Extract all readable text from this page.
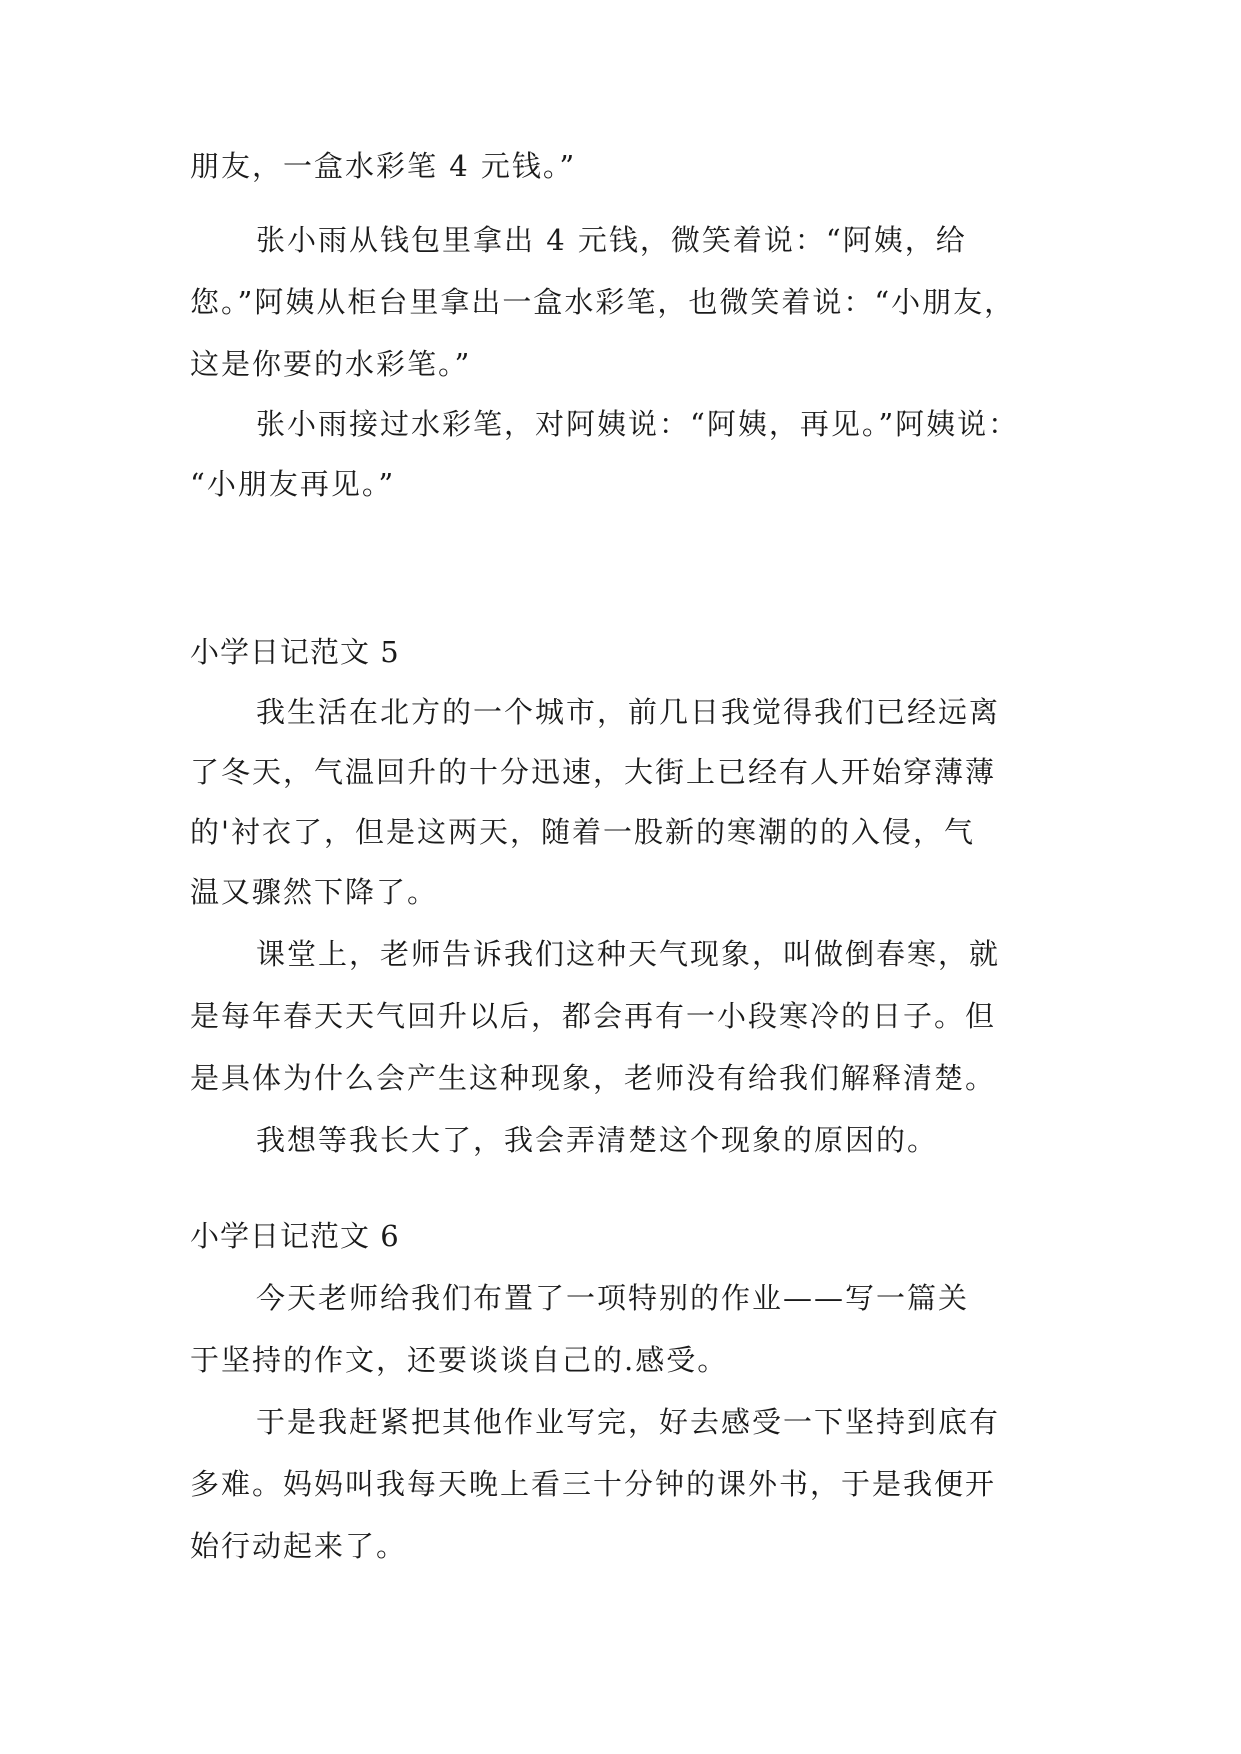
朋友，一盒水彩笔 4 元钱。”
张小雨从钱包里拿出 4 元钱，微笑着说：“阿姨，给
您。”阿姨从柜台里拿出一盒水彩笔，也微笑着说：“小朋友，
这是你要的水彩笔。”
张小雨接过水彩笔，对阿姨说：“阿姨，再见。”阿姨说：
“小朋友再见。”
小学日记范文 5
我生活在北方的一个城市，前几日我觉得我们已经远离
了冬天，气温回升的十分迅速，大街上已经有人开始穿薄薄
的'衬衣了，但是这两天，随着一股新的寒潮的的入侵，气
温又骤然下降了。
课堂上，老师告诉我们这种天气现象，叫做倒春寒，就
是每年春天天气回升以后，都会再有一小段寒冷的日子。但
是具体为什么会产生这种现象，老师没有给我们解释清楚。
我想等我长大了，我会弄清楚这个现象的原因的。
小学日记范文 6
今天老师给我们布置了一项特别的作业——写一篇关
于坚持的作文，还要谈谈自己的.感受。
于是我赶紧把其他作业写完，好去感受一下坚持到底有
多难。妈妈叫我每天晚上看三十分钟的课外书，于是我便开
始行动起来了。
